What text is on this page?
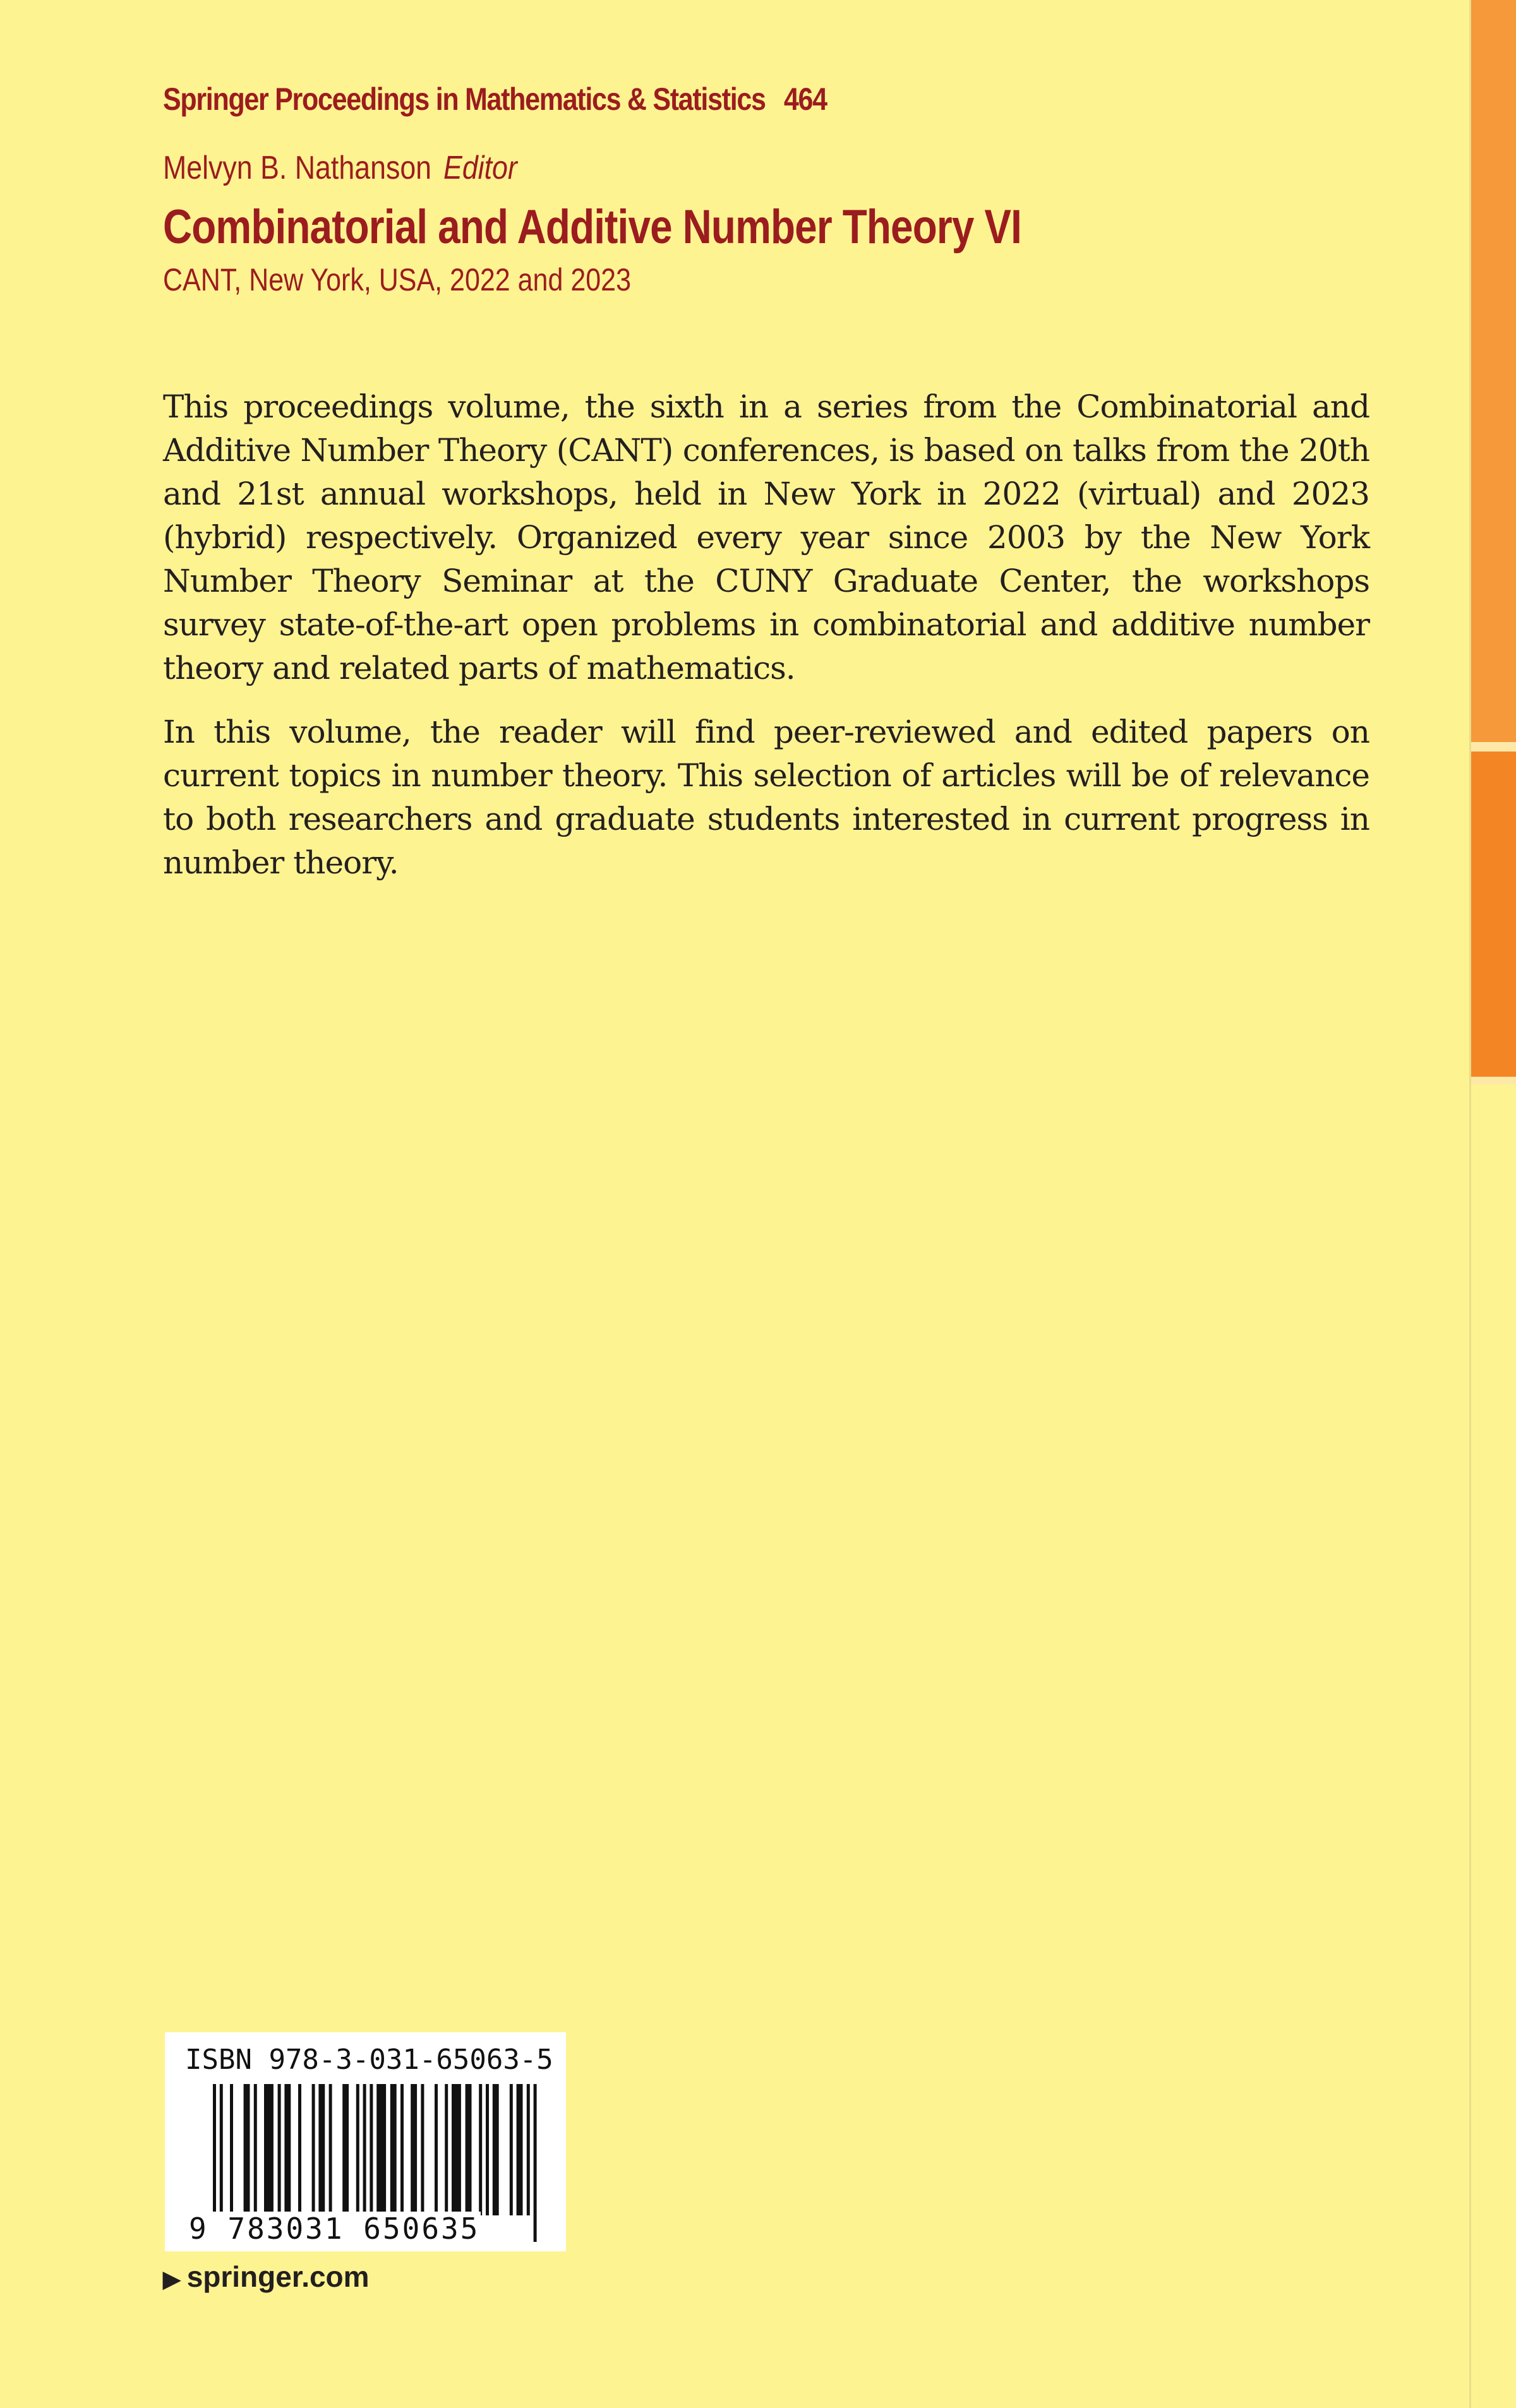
Springer Proceedings in Mathematics & Statistics 464
Melvyn B. Nathanson Editor
Combinatorial and Additive Number Theory VI
CANT, New York, USA, 2022 and 2023

This proceedings volume, the sixth in a series from the Combinatorial and Additive Number Theory (CANT) conferences, is based on talks from the 20th and 21st annual workshops, held in New York in 2022 (virtual) and 2023 (hybrid) respectively. Organized every year since 2003 by the New York Number Theory Seminar at the CUNY Graduate Center, the workshops survey state-of-the-art open problems in combinatorial and additive number theory and related parts of mathematics.

In this volume, the reader will find peer-reviewed and edited papers on current topics in number theory. This selection of articles will be of relevance to both researchers and graduate students interested in current progress in number theory.

ISBN 978-3-031-65063-5
9 783031 650635
▶ springer.com
